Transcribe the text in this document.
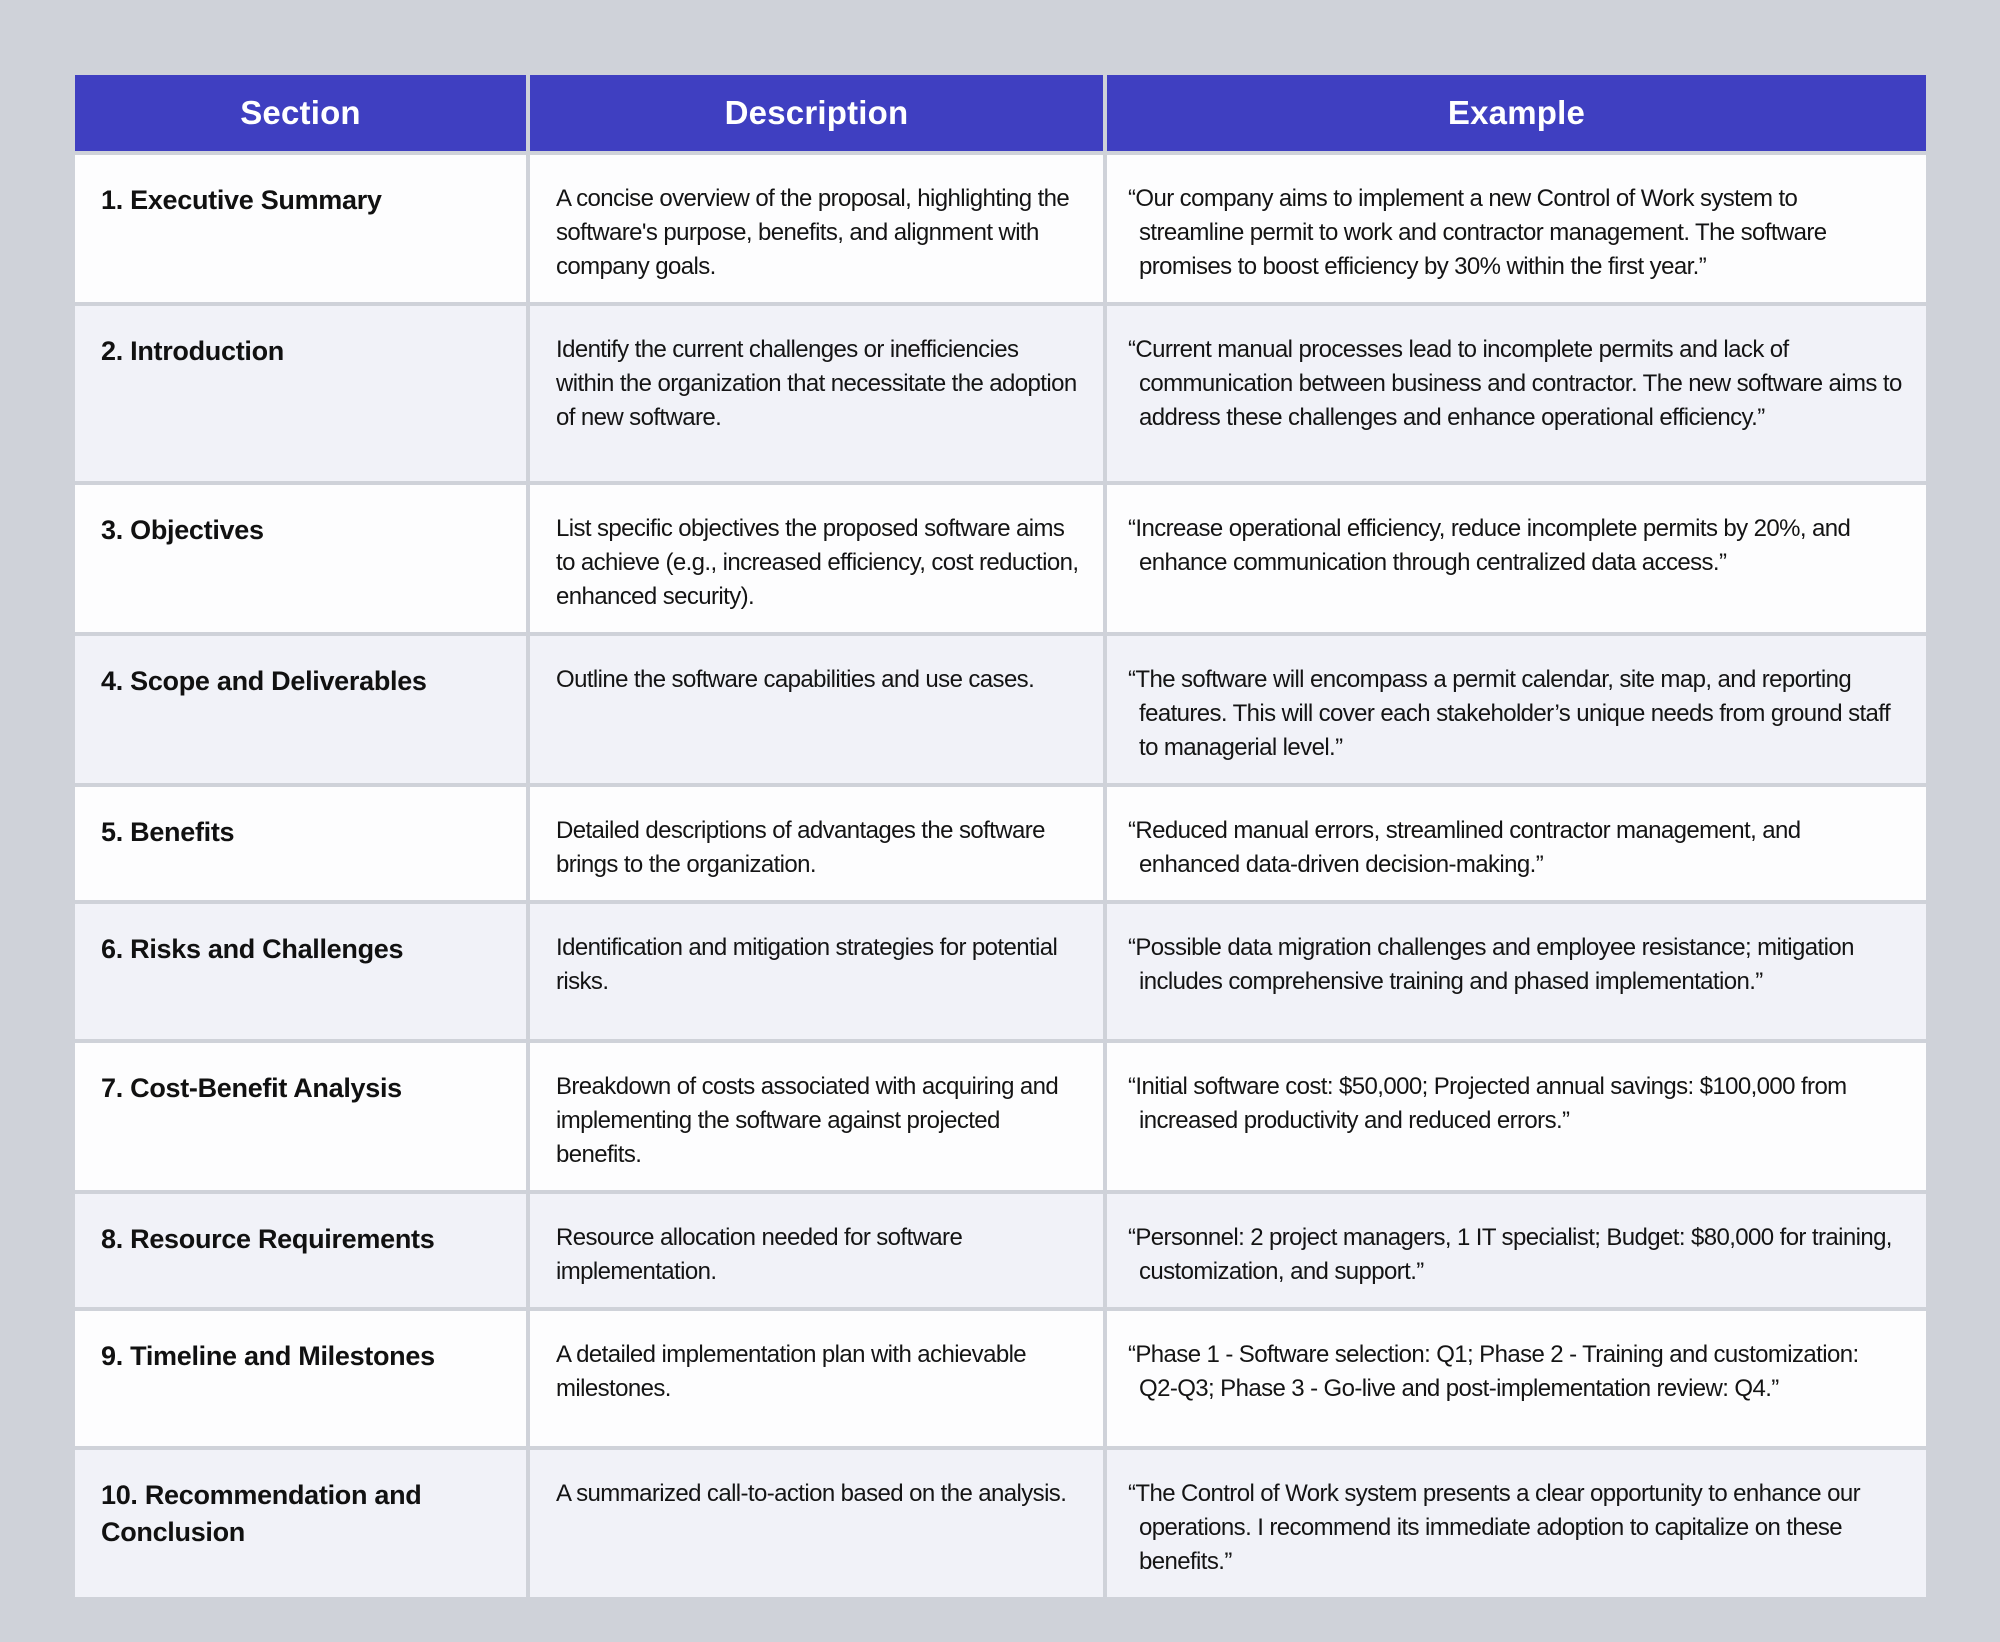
Section	Description	Example
1. Executive Summary	A concise overview of the proposal, highlighting the software's purpose, benefits, and alignment with company goals.	“Our company aims to implement a new Control of Work system to streamline permit to work and contractor management. The software promises to boost efficiency by 30% within the first year.”
2. Introduction	Identify the current challenges or inefficiencies within the organization that necessitate the adoption of new software.	“Current manual processes lead to incomplete permits and lack of communication between business and contractor. The new software aims to address these challenges and enhance operational efficiency.”
3. Objectives	List specific objectives the proposed software aims to achieve (e.g., increased efficiency, cost reduction, enhanced security).	“Increase operational efficiency, reduce incomplete permits by 20%, and enhance communication through centralized data access.”
4. Scope and Deliverables	Outline the software capabilities and use cases.	“The software will encompass a permit calendar, site map, and reporting features. This will cover each stakeholder’s unique needs from ground staff to managerial level.”
5. Benefits	Detailed descriptions of advantages the software brings to the organization.	“Reduced manual errors, streamlined contractor management, and enhanced data-driven decision-making.”
6. Risks and Challenges	Identification and mitigation strategies for potential risks.	“Possible data migration challenges and employee resistance; mitigation includes comprehensive training and phased implementation.”
7. Cost-Benefit Analysis	Breakdown of costs associated with acquiring and implementing the software against projected benefits.	“Initial software cost: $50,000; Projected annual savings: $100,000 from increased productivity and reduced errors.”
8. Resource Requirements	Resource allocation needed for software implementation.	“Personnel: 2 project managers, 1 IT specialist; Budget: $80,000 for training, customization, and support.”
9. Timeline and Milestones	A detailed implementation plan with achievable milestones.	“Phase 1 - Software selection: Q1; Phase 2 - Training and customization: Q2-Q3; Phase 3 - Go-live and post-implementation review: Q4.”
10. Recommendation and Conclusion	A summarized call-to-action based on the analysis.	“The Control of Work system presents a clear opportunity to enhance our operations. I recommend its immediate adoption to capitalize on these benefits.”
